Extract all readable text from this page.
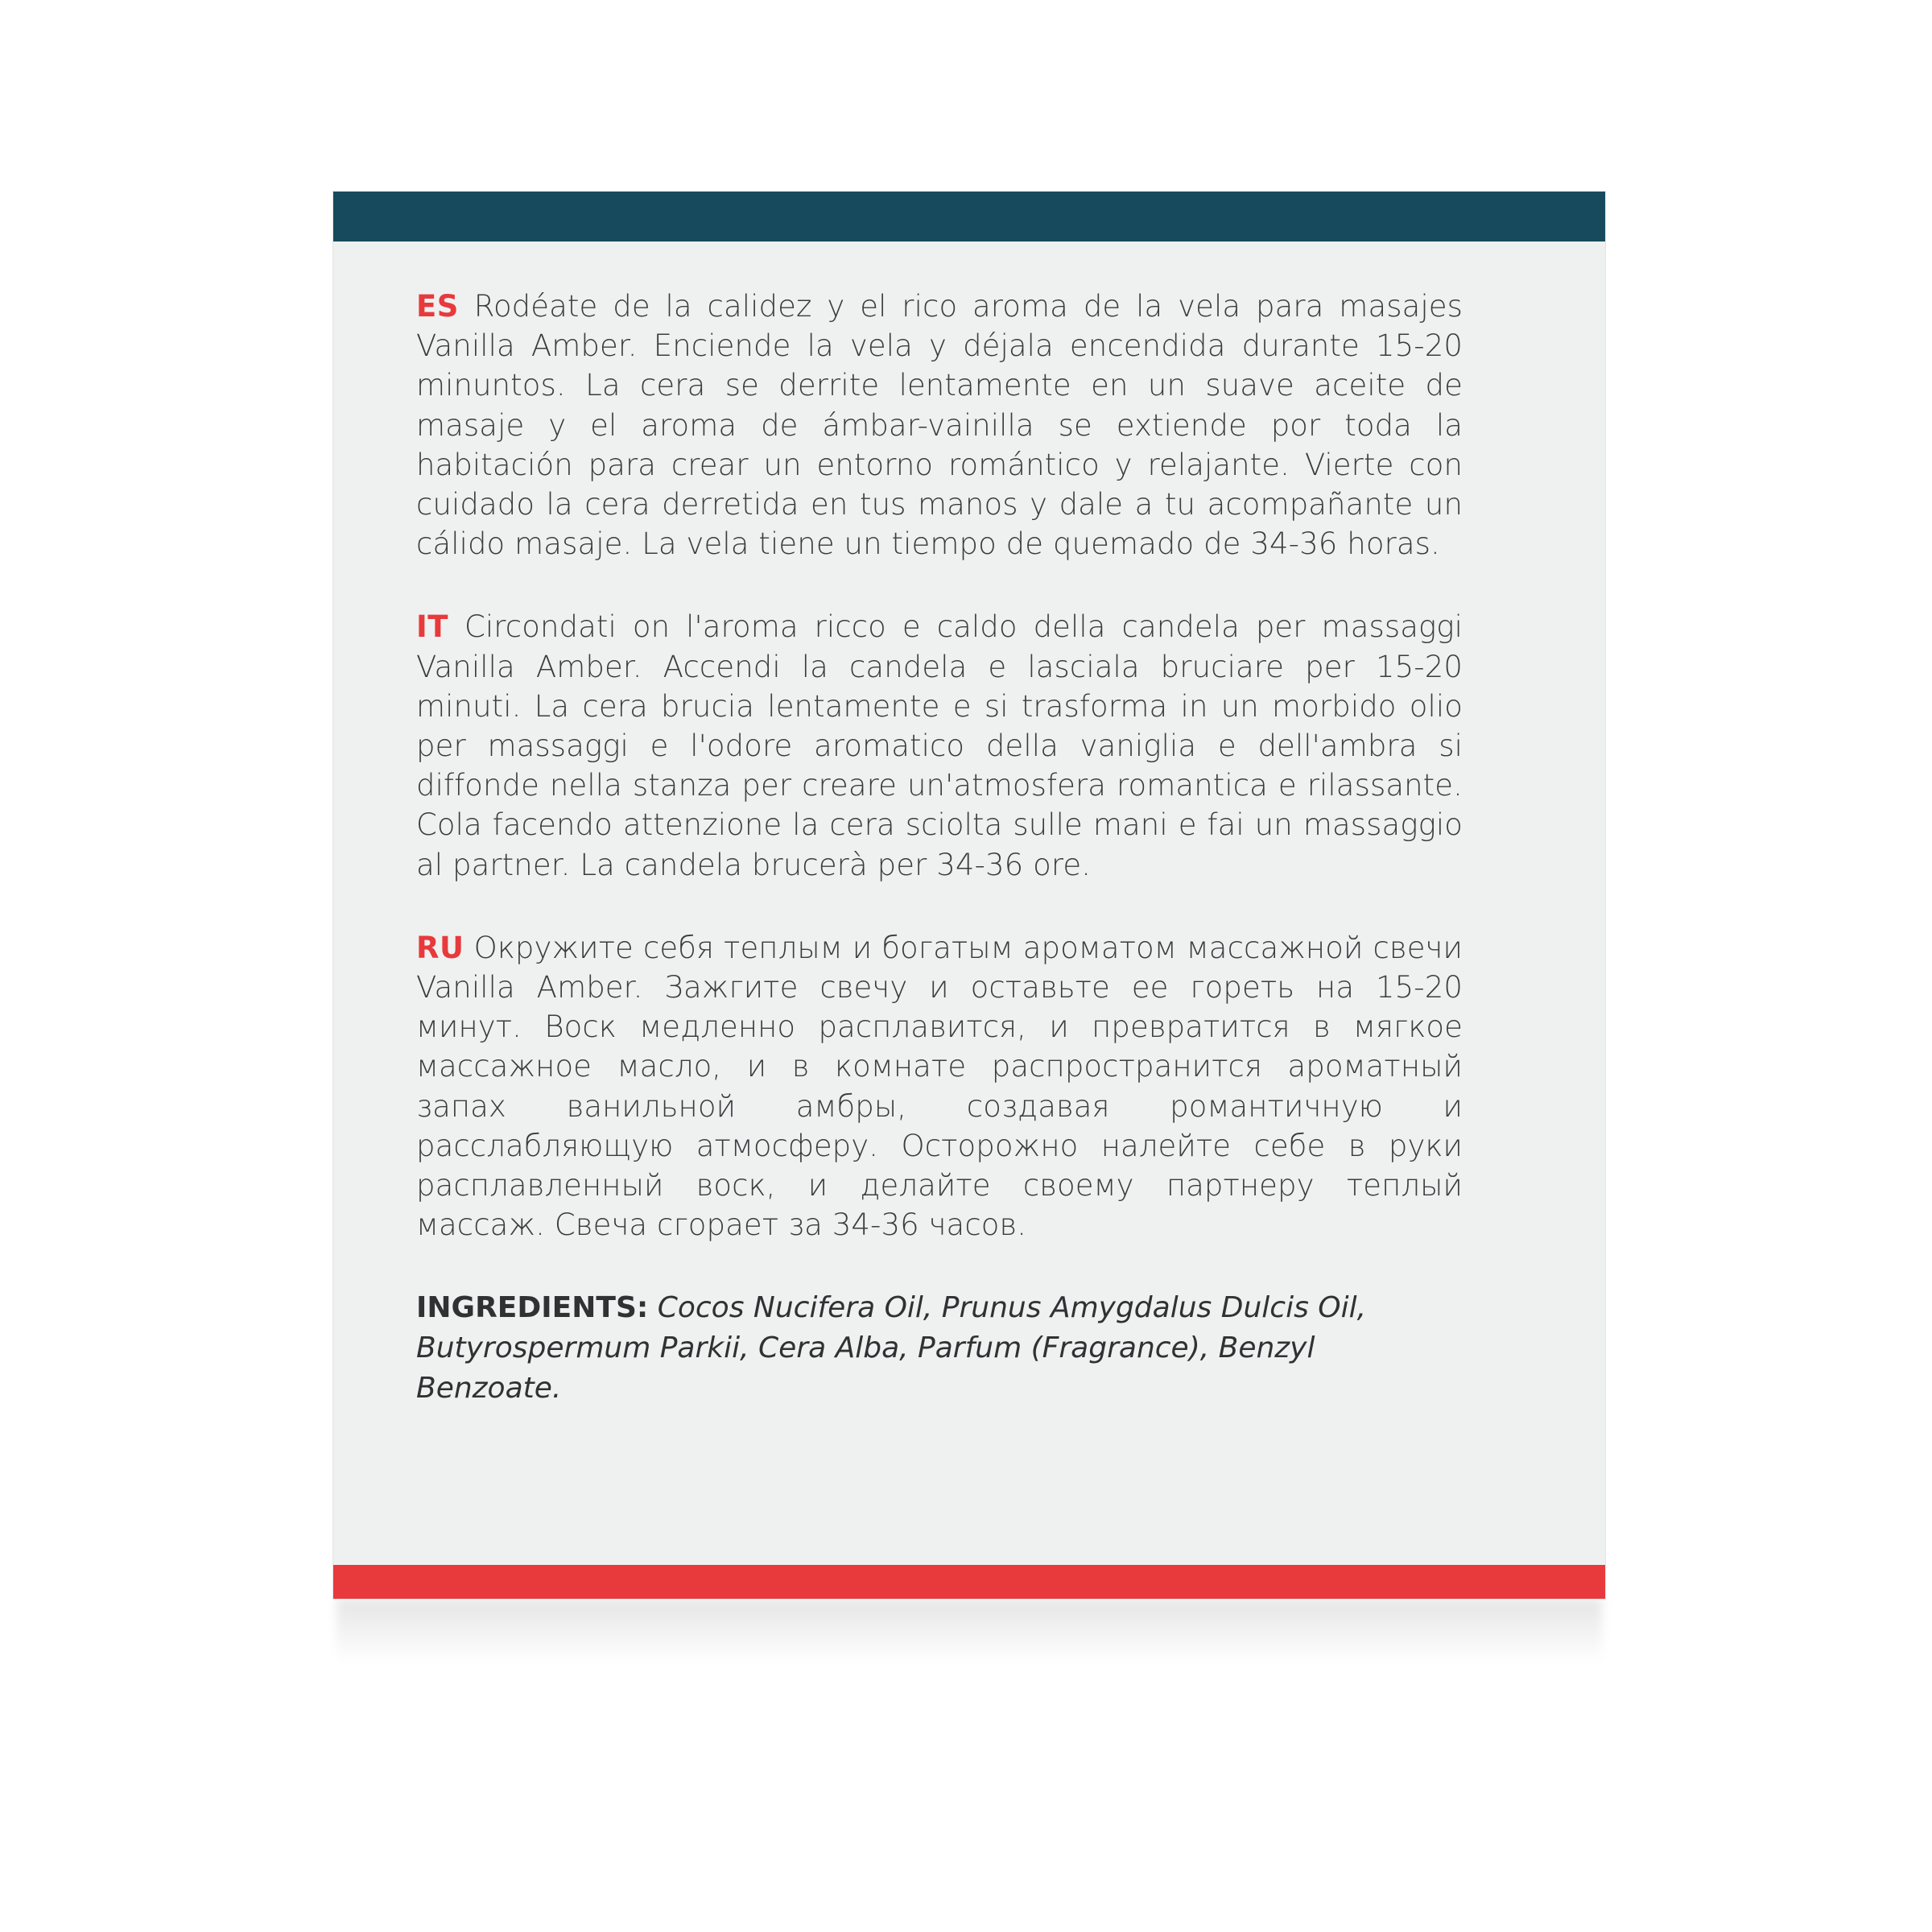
ES Rodéate de la calidez y el rico aroma de la vela para masajes Vanilla Amber. Enciende la vela y déjala encendida durante 15-20 minuntos. La cera se derrite lentamente en un suave aceite de masaje y el aroma de ámbar-vainilla se extiende por toda la habitación para crear un entorno romántico y relajante. Vierte con cuidado la cera derretida en tus manos y dale a tu acompañante un cálido masaje. La vela tiene un tiempo de quemado de 34-36 horas.

IT Circondati on l'aroma ricco e caldo della candela per massaggi Vanilla Amber. Accendi la candela e lasciala bruciare per 15-20 minuti. La cera brucia lentamente e si trasforma in un morbido olio per massaggi e l'odore aromatico della vaniglia e dell'ambra si diffonde nella stanza per creare un'atmosfera romantica e rilassante. Cola facendo attenzione la cera sciolta sulle mani e fai un massaggio al partner. La candela brucerà per 34-36 ore.

RU Окружите себя теплым и богатым ароматом массажной свечи Vanilla Amber. Зажгите свечу и оставьте ее гореть на 15-20 минут. Воск медленно расплавится, и превратится в мягкое массажное масло, и в комнате распространится ароматный запах ванильной амбры, создавая романтичную и расслабляющую атмосферу. Осторожно налейте себе в руки расплавленный воск, и делайте своему партнеру теплый массаж. Свеча сгорает за 34-36 часов.

INGREDIENTS: Cocos Nucifera Oil, Prunus Amygdalus Dulcis Oil, Butyrospermum Parkii, Cera Alba, Parfum (Fragrance), Benzyl Benzoate.
